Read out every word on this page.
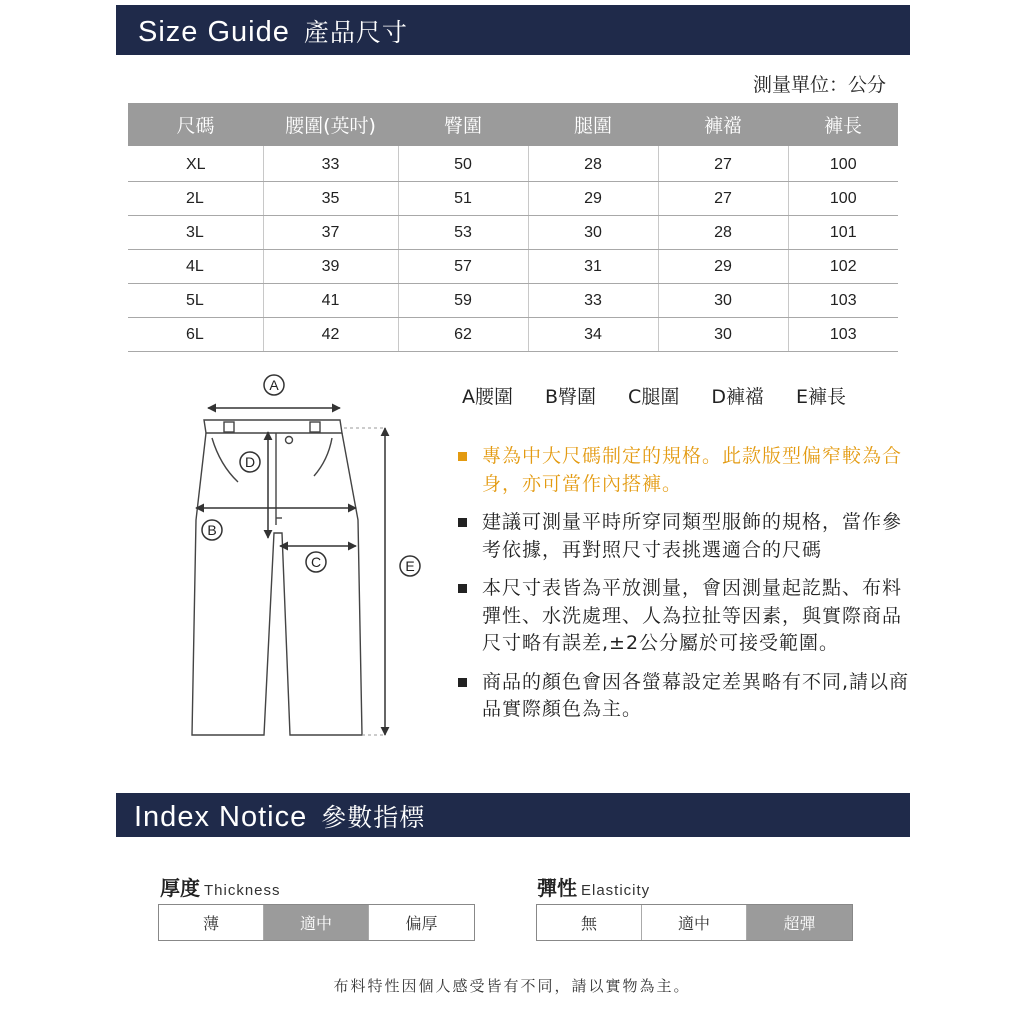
Size Guide 產品尺寸
測量單位：公分
尺碼	腰圍(英吋)	臀圍	腿圍	褲襠	褲長
XL	33	50	28	27	100
2L	35	51	29	27	100
3L	37	53	30	28	101
4L	39	57	31	29	102
5L	41	59	33	30	103
6L	42	62	34	30	103
A
D
B
C	E
A腰圍 B臀圍 C腿圍 D褲襠 E褲長
專為中大尺碼制定的規格。此款版型偏窄較為合身，亦可當作內搭褲。
建議可測量平時所穿同類型服飾的規格，當作參考依據，再對照尺寸表挑選適合的尺碼
本尺寸表皆為平放測量，會因測量起訖點、布料彈性、水洗處理、人為拉扯等因素，與實際商品尺寸略有誤差,±2公分屬於可接受範圍。
商品的顏色會因各螢幕設定差異略有不同,請以商品實際顏色為主。
Index Notice 參數指標
厚度 Thickness
薄	適中	偏厚
彈性 Elasticity
無	適中	超彈
布料特性因個人感受皆有不同，請以實物為主。
